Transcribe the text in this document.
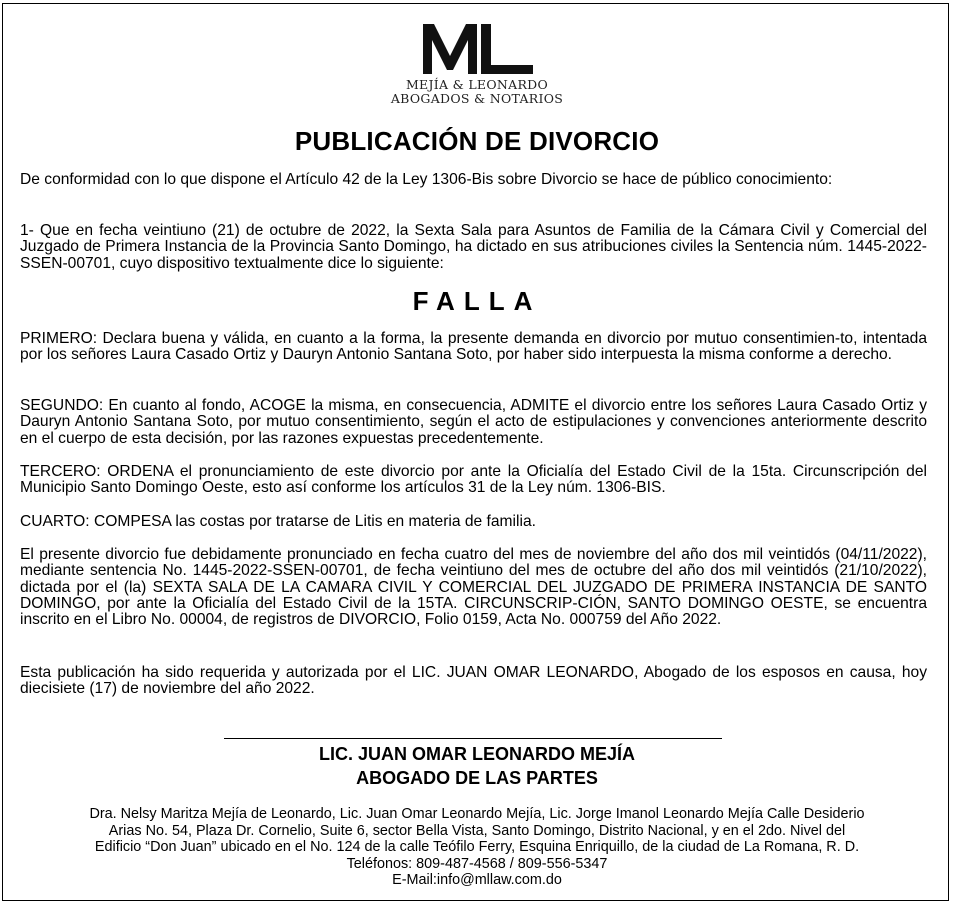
MEJÍA & LEONARDO
ABOGADOS & NOTARIOS
PUBLICACIÓN DE DIVORCIO

De conformidad con lo que dispone el Artículo 42 de la Ley 1306-Bis sobre Divorcio se hace de público conocimiento:

1- Que en fecha veintiuno (21) de octubre de 2022, la Sexta Sala para Asuntos de Familia de la Cámara Civil y Comercial del Juzgado de Primera Instancia de la Provincia Santo Domingo, ha dictado en sus atribuciones civiles la Sentencia núm. 1445-2022-SSEN-00701, cuyo dispositivo textualmente dice lo siguiente:

FALLA

PRIMERO: Declara buena y válida, en cuanto a la forma, la presente demanda en divorcio por mutuo consentimien-to, intentada por los señores Laura Casado Ortiz y Dauryn Antonio Santana Soto, por haber sido interpuesta la misma conforme a derecho.

SEGUNDO: En cuanto al fondo, ACOGE la misma, en consecuencia, ADMITE el divorcio entre los señores Laura Casado Ortiz y Dauryn Antonio Santana Soto, por mutuo consentimiento, según el acto de estipulaciones y convenciones anteriormente descrito en el cuerpo de esta decisión, por las razones expuestas precedentemente.

TERCERO: ORDENA el pronunciamiento de este divorcio por ante la Oficialía del Estado Civil de la 15ta. Circunscripción del Municipio Santo Domingo Oeste, esto así conforme los artículos 31 de la Ley núm. 1306-BIS.

CUARTO: COMPESA las costas por tratarse de Litis en materia de familia.

El presente divorcio fue debidamente pronunciado en fecha cuatro del mes de noviembre del año dos mil veintidós (04/11/2022), mediante sentencia No. 1445-2022-SSEN-00701, de fecha veintiuno del mes de octubre del año dos mil veintidós (21/10/2022), dictada por el (la) SEXTA SALA DE LA CAMARA CIVIL Y COMERCIAL DEL JUZGADO DE PRIMERA INSTANCIA DE SANTO DOMINGO, por ante la Oficialía del Estado Civil de la 15TA. CIRCUNSCRIP-CIÓN, SANTO DOMINGO OESTE, se encuentra inscrito en el Libro No. 00004, de registros de DIVORCIO, Folio 0159, Acta No. 000759 del Año 2022.

Esta publicación ha sido requerida y autorizada por el LIC. JUAN OMAR LEONARDO, Abogado de los esposos en causa, hoy diecisiete (17) de noviembre del año 2022.

LIC. JUAN OMAR LEONARDO MEJÍA
ABOGADO DE LAS PARTES
Dra. Nelsy Maritza Mejía de Leonardo, Lic. Juan Omar Leonardo Mejía, Lic. Jorge Imanol Leonardo Mejía Calle Desiderio
Arias No. 54, Plaza Dr. Cornelio, Suite 6, sector Bella Vista, Santo Domingo, Distrito Nacional, y en el 2do. Nivel del
Edificio “Don Juan” ubicado en el No. 124 de la calle Teófilo Ferry, Esquina Enriquillo, de la ciudad de La Romana, R. D.
Teléfonos: 809-487-4568 / 809-556-5347
E-Mail:info@mllaw.com.do
